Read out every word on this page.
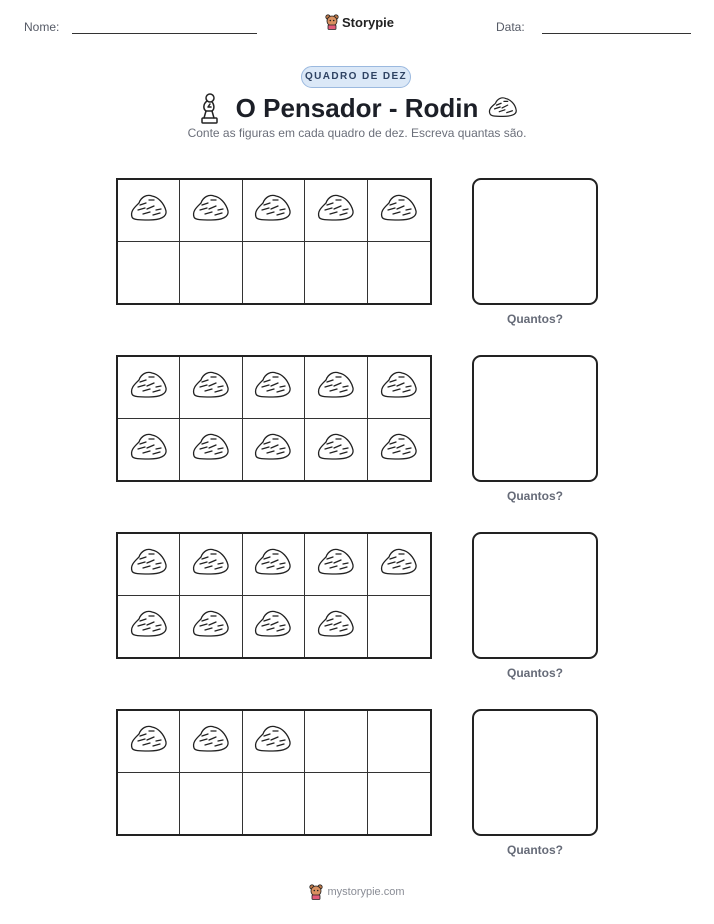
Nome:	Data:
Storypie
QUADRO DE DEZ
O Pensador - Rodin
Conte as figuras em cada quadro de dez. Escreva quantas são.
Quantos?
Quantos?
Quantos?
Quantos?
mystorypie.com
